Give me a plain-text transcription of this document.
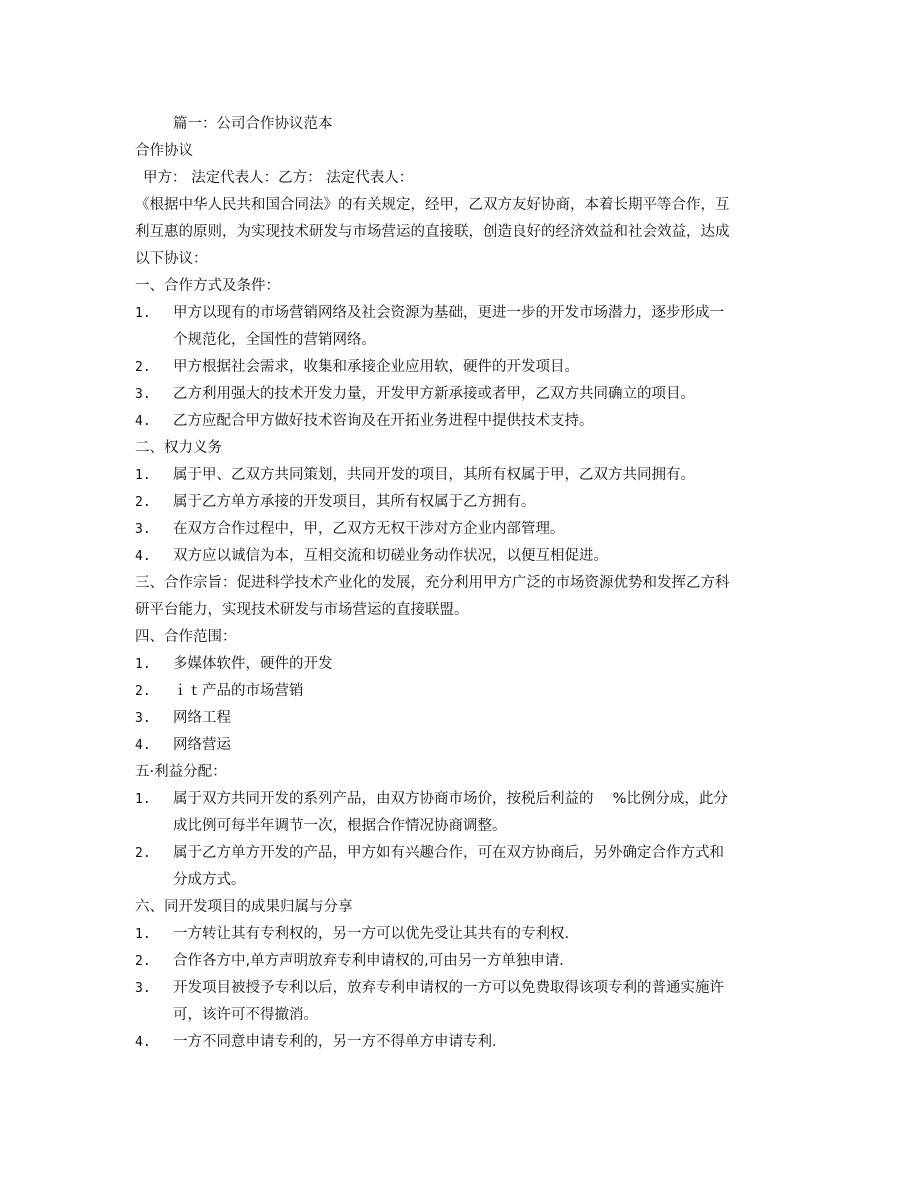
篇一：公司合作协议范本
合作协议
甲方： 法定代表人：乙方： 法定代表人：
《根据中华人民共和国合同法》的有关规定，经甲，乙双方友好协商，本着长期平等合作，互
利互惠的原则，为实现技术研发与市场营运的直接联，创造良好的经济效益和社会效益，达成
以下协议：
一、合作方式及条件：
1.	甲方以现有的市场营销网络及社会资源为基础，更进一步的开发市场潜力，逐步形成一
个规范化，全国性的营销网络。
2.	甲方根据社会需求，收集和承接企业应用软，硬件的开发项目。
3.	乙方利用强大的技术开发力量，开发甲方新承接或者甲，乙双方共同确立的项目。
4.	乙方应配合甲方做好技术咨询及在开拓业务进程中提供技术支持。
二、权力义务
1.	属于甲、乙双方共同策划，共同开发的项目，其所有权属于甲，乙双方共同拥有。
2.	属于乙方单方承接的开发项目，其所有权属于乙方拥有。
3.	在双方合作过程中，甲，乙双方无权干涉对方企业内部管理。
4.	双方应以诚信为本，互相交流和切磋业务动作状况，以便互相促进。
三、合作宗旨：促进科学技术产业化的发展，充分利用甲方广泛的市场资源优势和发挥乙方科
研平台能力，实现技术研发与市场营运的直接联盟。
四、合作范围：
1.	多媒体软件，硬件的开发
2.	ｉｔ产品的市场营销
3.	网络工程
4.	网络营运
五·利益分配：
1.	属于双方共同开发的系列产品，由双方协商市场价，按税后利益的　 %比例分成，此分
成比例可每半年调节一次，根据合作情况协商调整。
2.	属于乙方单方开发的产品，甲方如有兴趣合作，可在双方协商后，另外确定合作方式和
分成方式。
六、同开发项目的成果归属与分享
1.	一方转让其有专利权的，另一方可以优先受让其共有的专利权．
2.	合作各方中,单方声明放弃专利申请权的,可由另一方单独申请．
3.	开发项目被授予专利以后，放弃专利申请权的一方可以免费取得该项专利的普通实施许
可，该许可不得撤消。
4.	一方不同意申请专利的，另一方不得单方申请专利．
